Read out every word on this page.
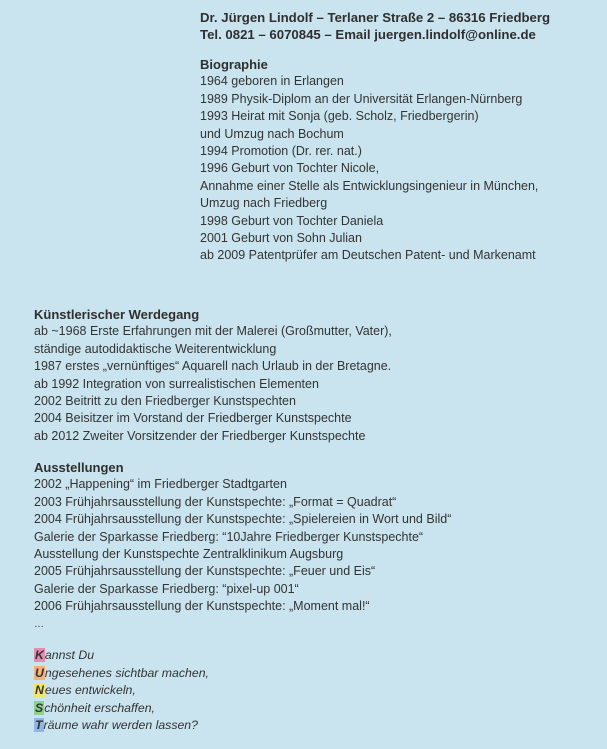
Dr. Jürgen Lindolf – Terlaner Straße 2 – 86316 Friedberg
Tel. 0821 – 6070845 – Email juergen.lindolf@online.de
Biographie
1964 geboren in Erlangen
1989 Physik-Diplom an der Universität Erlangen-Nürnberg
1993 Heirat mit Sonja (geb. Scholz, Friedbergerin)
und Umzug nach Bochum
1994 Promotion (Dr. rer. nat.)
1996 Geburt von Tochter Nicole,
Annahme einer Stelle als Entwicklungsingenieur in München,
Umzug nach Friedberg
1998 Geburt von Tochter Daniela
2001 Geburt von Sohn Julian
ab 2009 Patentprüfer am Deutschen Patent- und Markenamt
Künstlerischer Werdegang
ab ~1968 Erste Erfahrungen mit der Malerei (Großmutter, Vater),
ständige autodidaktische Weiterentwicklung
1987 erstes „vernünftiges“ Aquarell nach Urlaub in der Bretagne.
ab 1992 Integration von surrealistischen Elementen
2002 Beitritt zu den Friedberger Kunstspechten
2004 Beisitzer im Vorstand der Friedberger Kunstspechte
ab 2012 Zweiter Vorsitzender der Friedberger Kunstspechte
Ausstellungen
2002 „Happening“ im Friedberger Stadtgarten
2003 Frühjahrsausstellung der Kunstspechte: „Format = Quadrat“
2004 Frühjahrsausstellung der Kunstspechte: „Spielereien in Wort und Bild“
Galerie der Sparkasse Friedberg: “10Jahre Friedberger Kunstspechte“
Ausstellung der Kunstspechte Zentralklinikum Augsburg
2005 Frühjahrsausstellung der Kunstspechte: „Feuer und Eis“
Galerie der Sparkasse Friedberg: “pixel-up 001“
2006 Frühjahrsausstellung der Kunstspechte: „Moment mal!“
…
Kannst Du
Ungesehenes sichtbar machen,
Neues entwickeln,
Schönheit erschaffen,
Träume wahr werden lassen?
